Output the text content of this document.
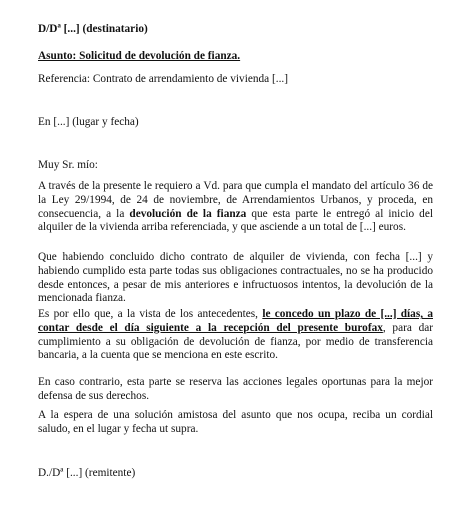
D/Dª [...] (destinatario)
Asunto: Solicitud de devolución de fianza.
Referencia: Contrato de arrendamiento de vivienda [...]
En [...] (lugar y fecha)
Muy Sr. mío:

A través de la presente le requiero a Vd. para que cumpla el mandato del artículo 36 de la Ley 29/1994, de 24 de noviembre, de Arrendamientos Urbanos, y proceda, en consecuencia, a la devolución de la fianza que esta parte le entregó al inicio del alquiler de la vivienda arriba referenciada, y que asciende a un total de [...] euros.

Que habiendo concluido dicho contrato de alquiler de vivienda, con fecha [...] y habiendo cumplido esta parte todas sus obligaciones contractuales, no se ha producido desde entonces, a pesar de mis anteriores e infructuosos intentos, la devolución de la mencionada fianza.

Es por ello que, a la vista de los antecedentes, le concedo un plazo de [...] días, a contar desde el día siguiente a la recepción del presente burofax, para dar cumplimiento a su obligación de devolución de fianza, por medio de transferencia bancaria, a la cuenta que se menciona en este escrito.

En caso contrario, esta parte se reserva las acciones legales oportunas para la mejor defensa de sus derechos.

A la espera de una solución amistosa del asunto que nos ocupa, reciba un cordial saludo, en el lugar y fecha ut supra.

D./Dª [...] (remitente)
